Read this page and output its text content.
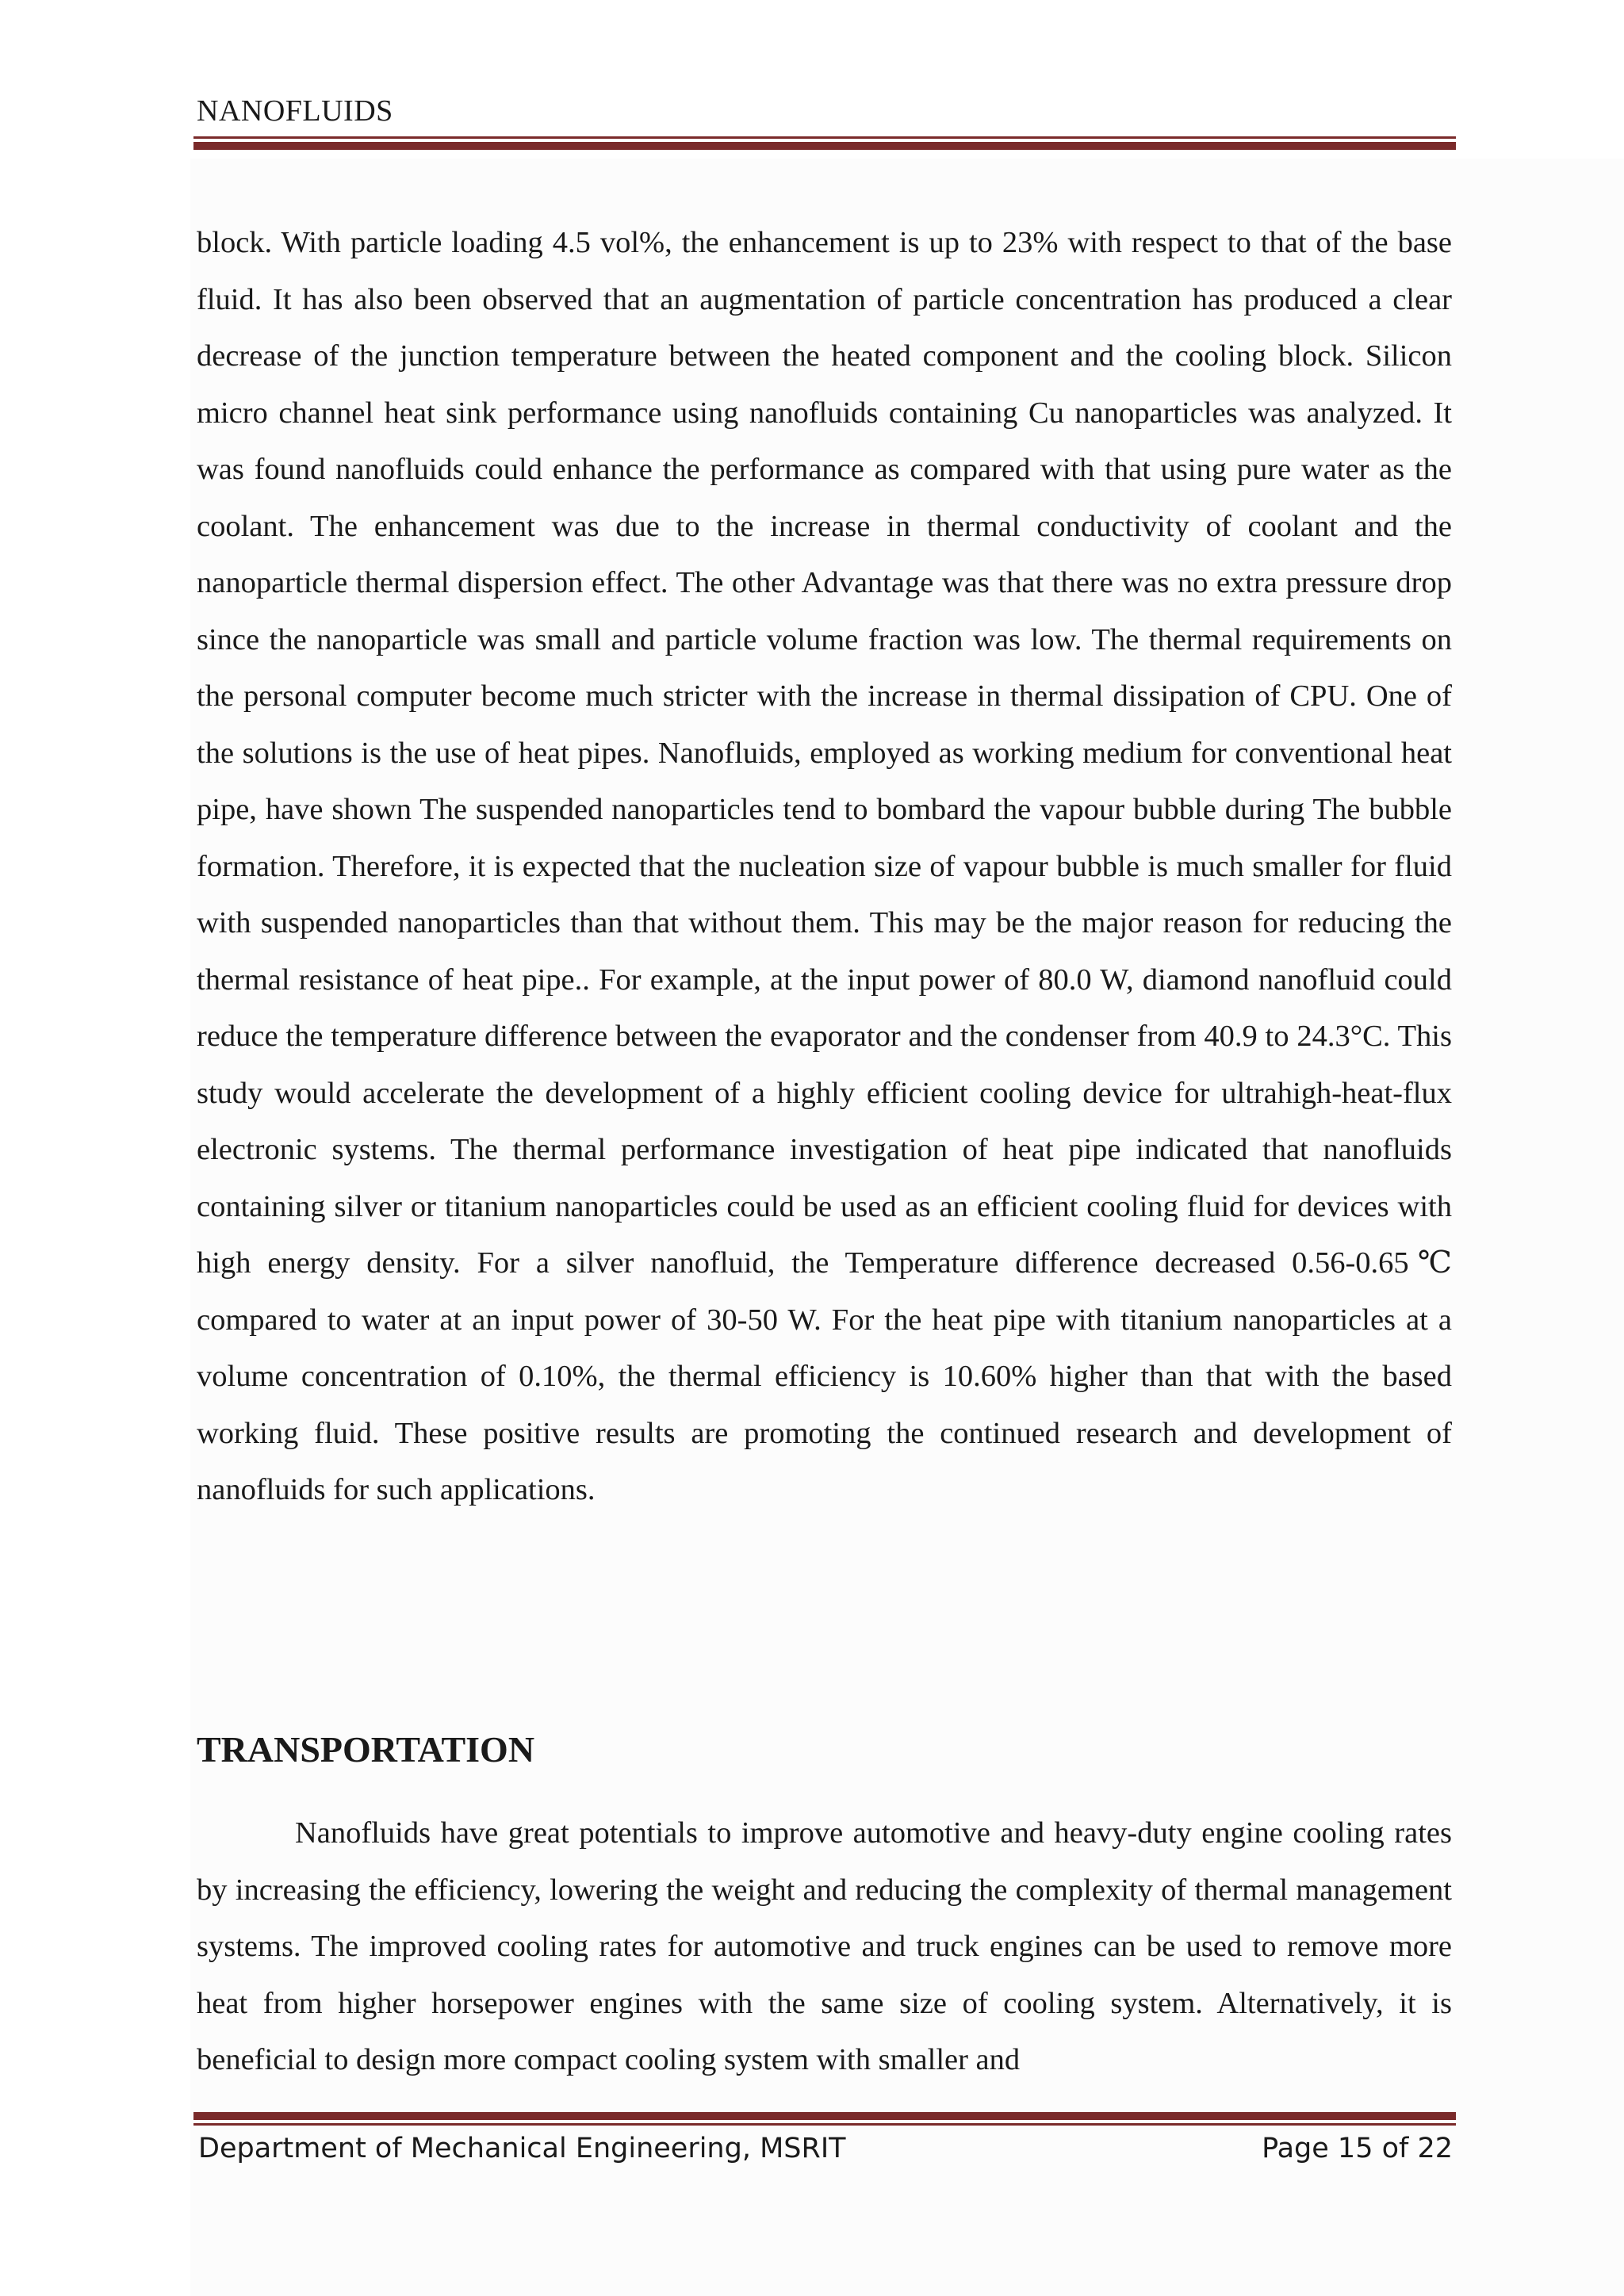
NANOFLUIDS

block. With particle loading 4.5 vol%, the enhancement is up to 23% with respect to that of the base fluid. It has also been observed that an augmentation of particle concentration has produced a clear decrease of the junction temperature between the heated component and the cooling block. Silicon micro channel heat sink performance using nanofluids containing Cu nanoparticles was analyzed. It was found nanofluids could enhance the performance as compared with that using pure water as the coolant. The enhancement was due to the increase in thermal conductivity of coolant and the nanoparticle thermal dispersion effect. The other Advantage was that there was no extra pressure drop since the nanoparticle was small and particle volume fraction was low. The thermal requirements on the personal computer become much stricter with the increase in thermal dissipation of CPU. One of the solutions is the use of heat pipes. Nanofluids, employed as working medium for conventional heat pipe, have shown The suspended nanoparticles tend to bombard the vapour bubble during The bubble formation. Therefore, it is expected that the nucleation size of vapour bubble is much smaller for fluid with suspended nanoparticles than that without them. This may be the major reason for reducing the thermal resistance of heat pipe.. For example, at the input power of 80.0 W, diamond nanofluid could reduce the temperature difference between the evaporator and the condenser from 40.9 to 24.3°C. This study would accelerate the development of a highly efficient cooling device for ultrahigh-heat-flux electronic systems. The thermal performance investigation of heat pipe indicated that nanofluids containing silver or titanium nanoparticles could be used as an efficient cooling fluid for devices with high energy density. For a silver nanofluid, the Temperature difference decreased 0.56-0.65℃ compared to water at an input power of 30-50 W. For the heat pipe with titanium nanoparticles at a volume concentration of 0.10%, the thermal efficiency is 10.60% higher than that with the based working fluid. These positive results are promoting the continued research and development of nanofluids for such applications.

TRANSPORTATION

Nanofluids have great potentials to improve automotive and heavy-duty engine cooling rates by increasing the efficiency, lowering the weight and reducing the complexity of thermal management systems. The improved cooling rates for automotive and truck engines can be used to remove more heat from higher horsepower engines with the same size of cooling system. Alternatively, it is beneficial to design more compact cooling system with smaller and

Department of Mechanical Engineering, MSRIT	Page 15 of 22
